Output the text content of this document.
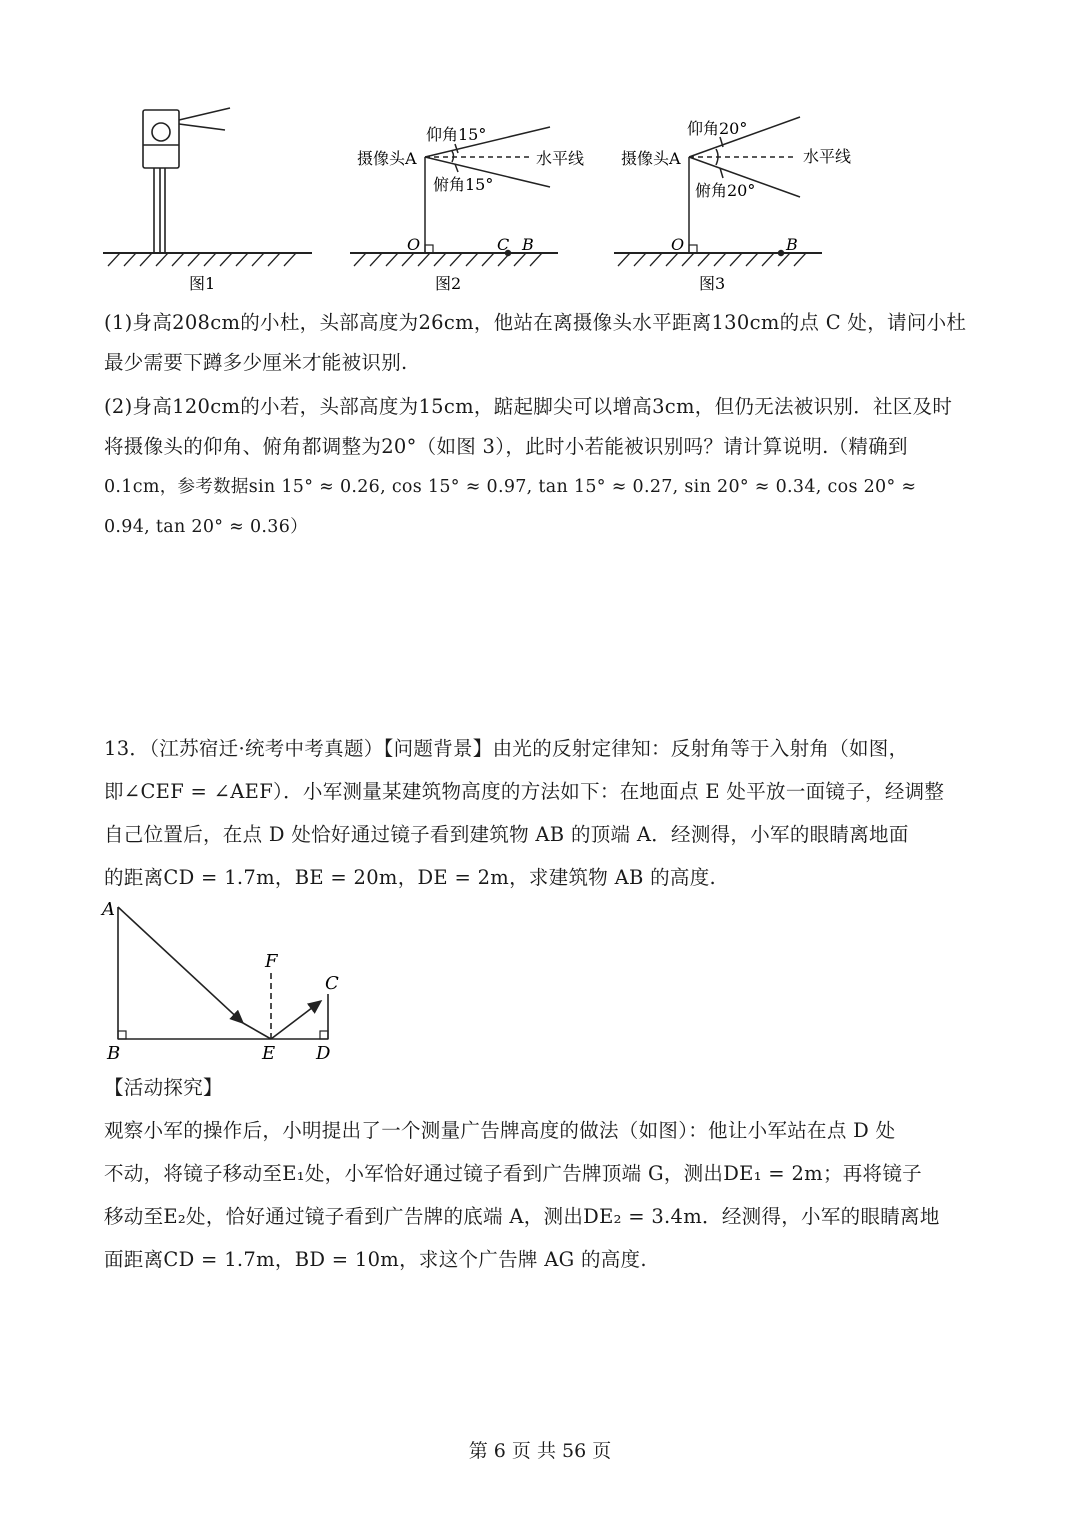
摄像头A
仰角15°
俯角15°
水平线
O	C B
摄像头A
仰角20°
俯角20°
水平线
O	B
图1	图2	图3
(1)身高208cm的小杜，头部高度为26cm，他站在离摄像头水平距离130cm的点 C 处，请问小杜
最少需要下蹲多少厘米才能被识别.
(2)身高120cm的小若，头部高度为15cm，踮起脚尖可以增高3cm，但仍无法被识别．社区及时
将摄像头的仰角、俯角都调整为20°（如图 3），此时小若能被识别吗？请计算说明.（精确到
0.1cm，参考数据sin 15° ≈ 0.26, cos 15° ≈ 0.97, tan 15° ≈ 0.27, sin 20° ≈ 0.34, cos 20° ≈
0.94, tan 20° ≈ 0.36）
13．（江苏宿迁·统考中考真题）【问题背景】由光的反射定律知：反射角等于入射角（如图，
即∠CEF = ∠AEF）．小军测量某建筑物高度的方法如下：在地面点 E 处平放一面镜子，经调整
自己位置后，在点 D 处恰好通过镜子看到建筑物 AB 的顶端 A．经测得，小军的眼睛离地面
的距离CD = 1.7m，BE = 20m，DE = 2m，求建筑物 AB 的高度.
A
B
C
D
E
F
【活动探究】
观察小军的操作后，小明提出了一个测量广告牌高度的做法（如图）：他让小军站在点 D 处
不动，将镜子移动至E₁处，小军恰好通过镜子看到广告牌顶端 G，测出DE₁ = 2m；再将镜子
移动至E₂处，恰好通过镜子看到广告牌的底端 A，测出DE₂ = 3.4m．经测得，小军的眼睛离地
面距离CD = 1.7m，BD = 10m，求这个广告牌 AG 的高度.
第 6 页 共 56 页
